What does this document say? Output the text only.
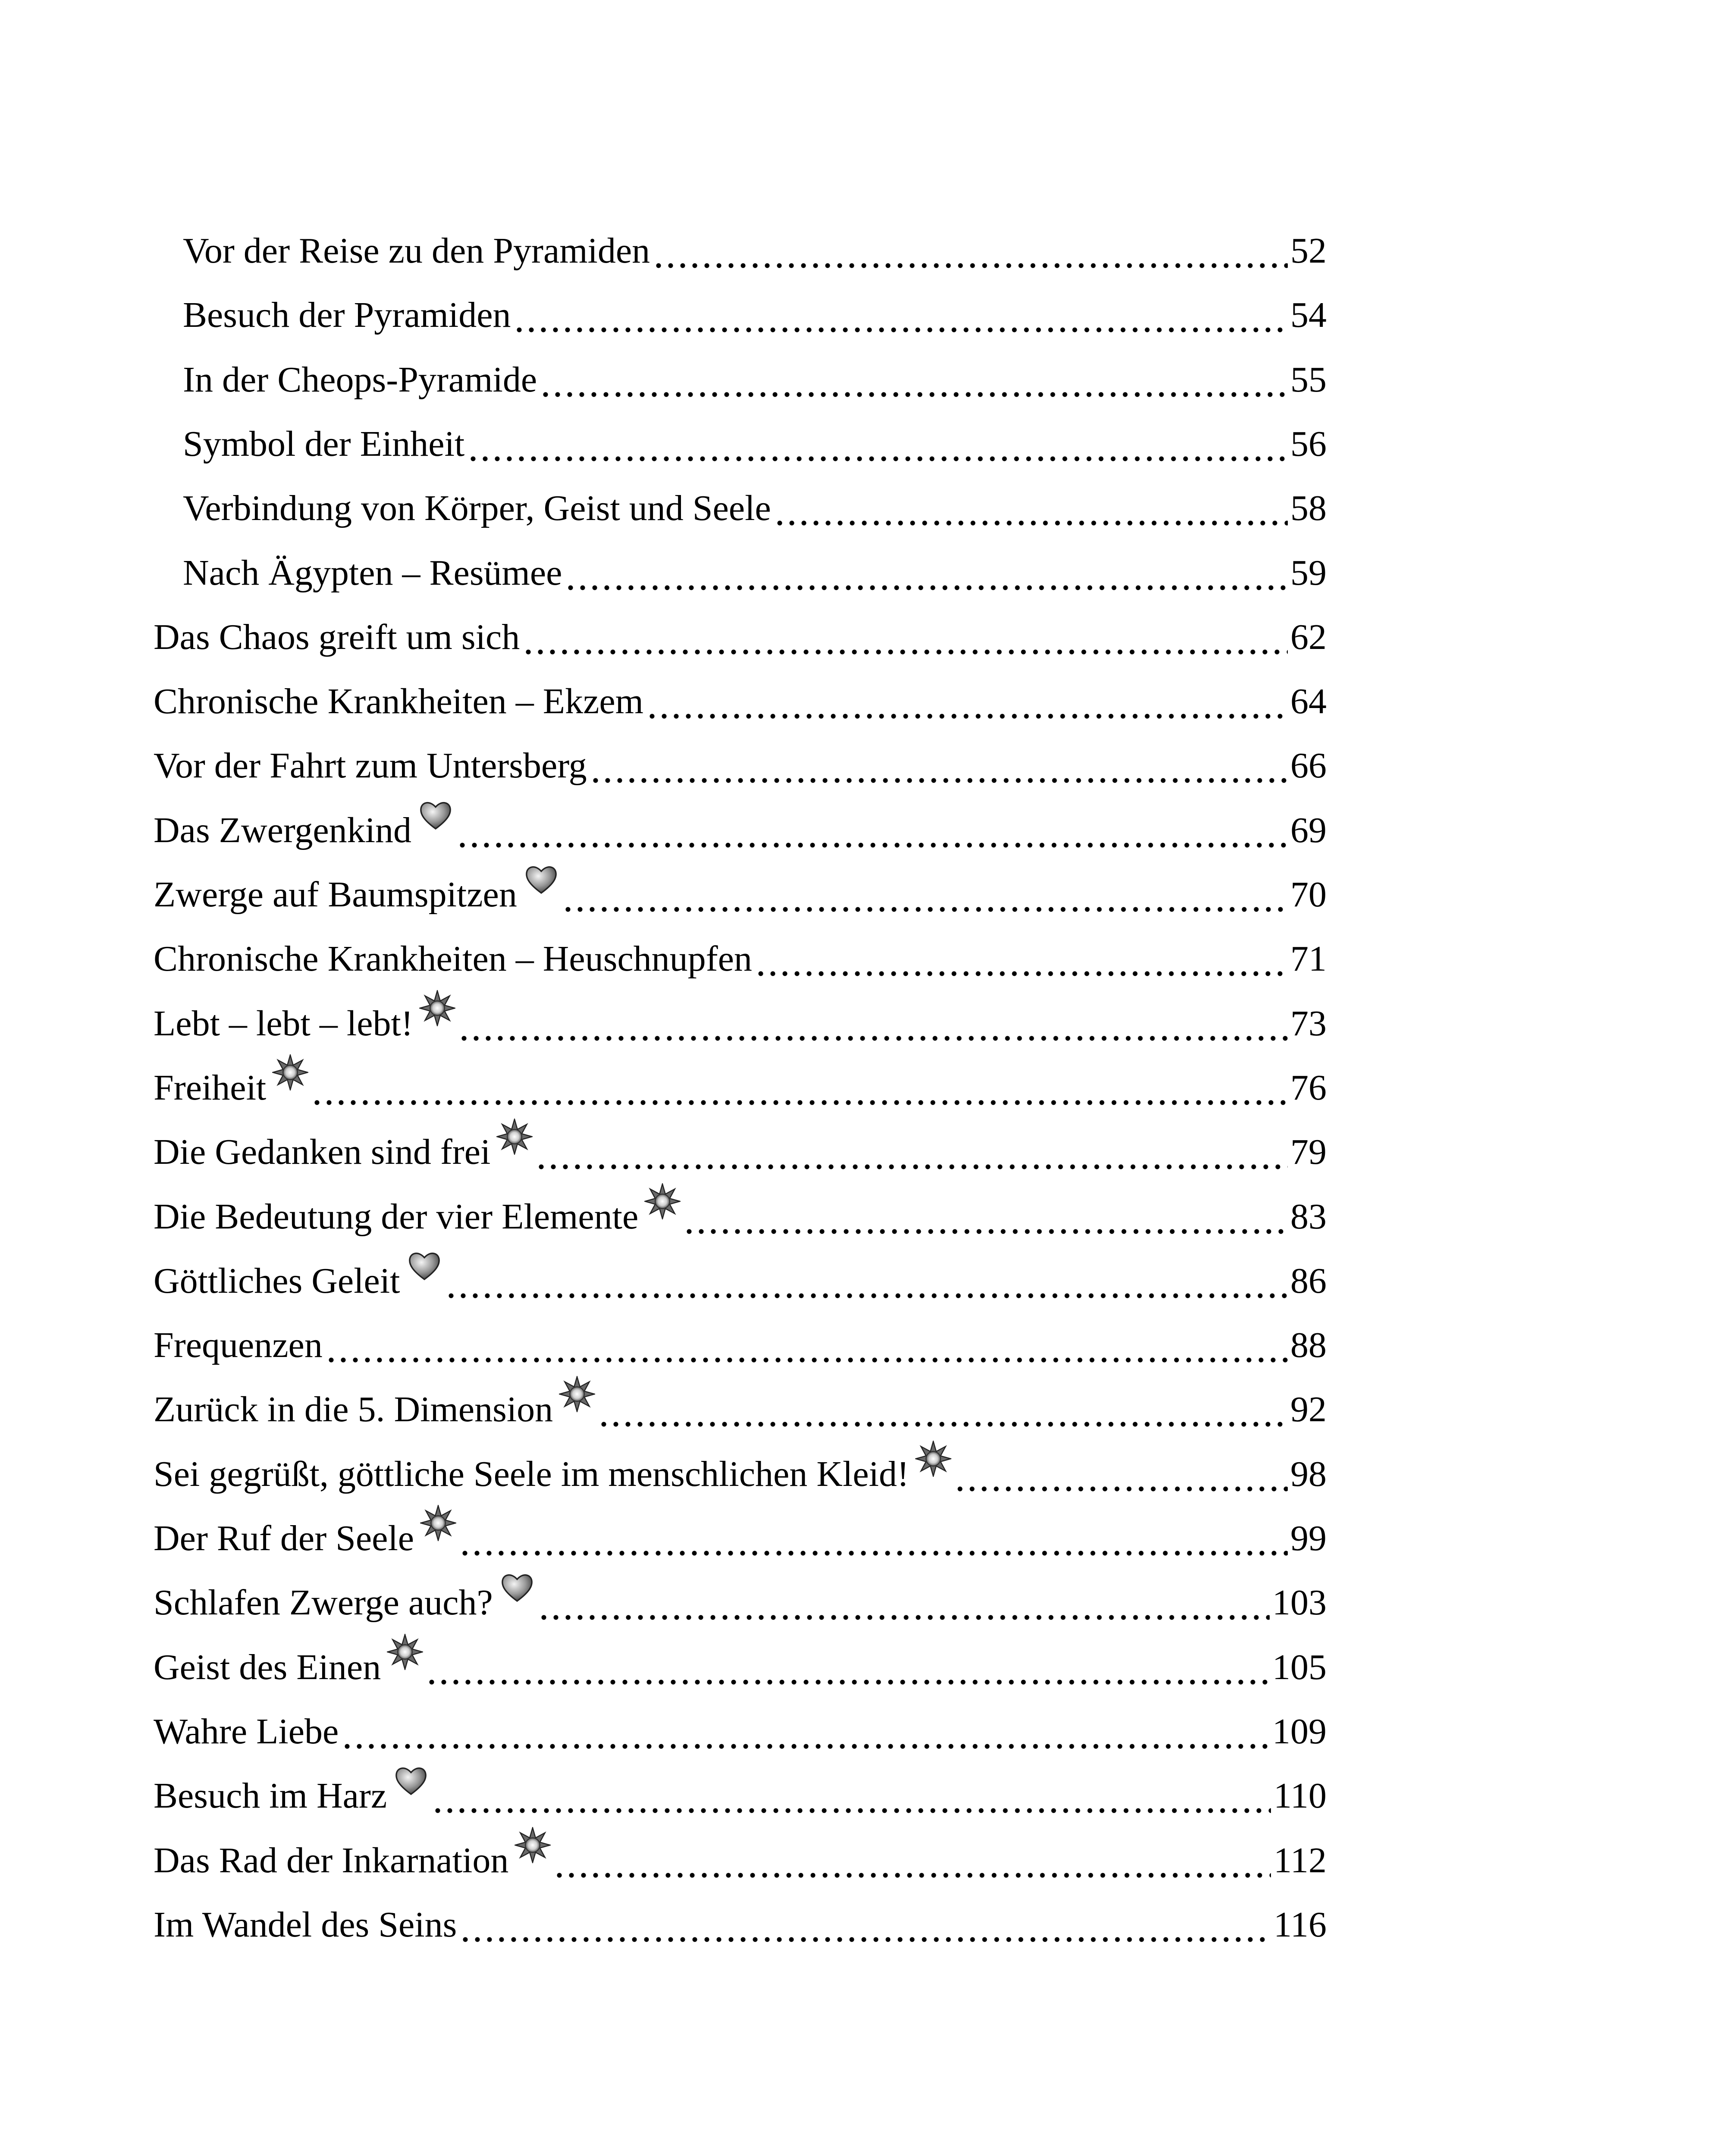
Vor der Reise zu den Pyramiden	52
Besuch der Pyramiden	54
In der Cheops-Pyramide	55
Symbol der Einheit	56
Verbindung von Körper, Geist und Seele	58
Nach Ägypten – Resümee	59
Das Chaos greift um sich	62
Chronische Krankheiten – Ekzem	64
Vor der Fahrt zum Untersberg	66
Das Zwergenkind	69
Zwerge auf Baumspitzen	70
Chronische Krankheiten – Heuschnupfen	71
Lebt – lebt – lebt!	73
Freiheit	76
Die Gedanken sind frei	79
Die Bedeutung der vier Elemente	83
Göttliches Geleit	86
Frequenzen	88
Zurück in die 5. Dimension	92
Sei gegrüßt, göttliche Seele im menschlichen Kleid!	98
Der Ruf der Seele	99
Schlafen Zwerge auch?	103
Geist des Einen	105
Wahre Liebe	109
Besuch im Harz	110
Das Rad der Inkarnation	112
Im Wandel des Seins	116
